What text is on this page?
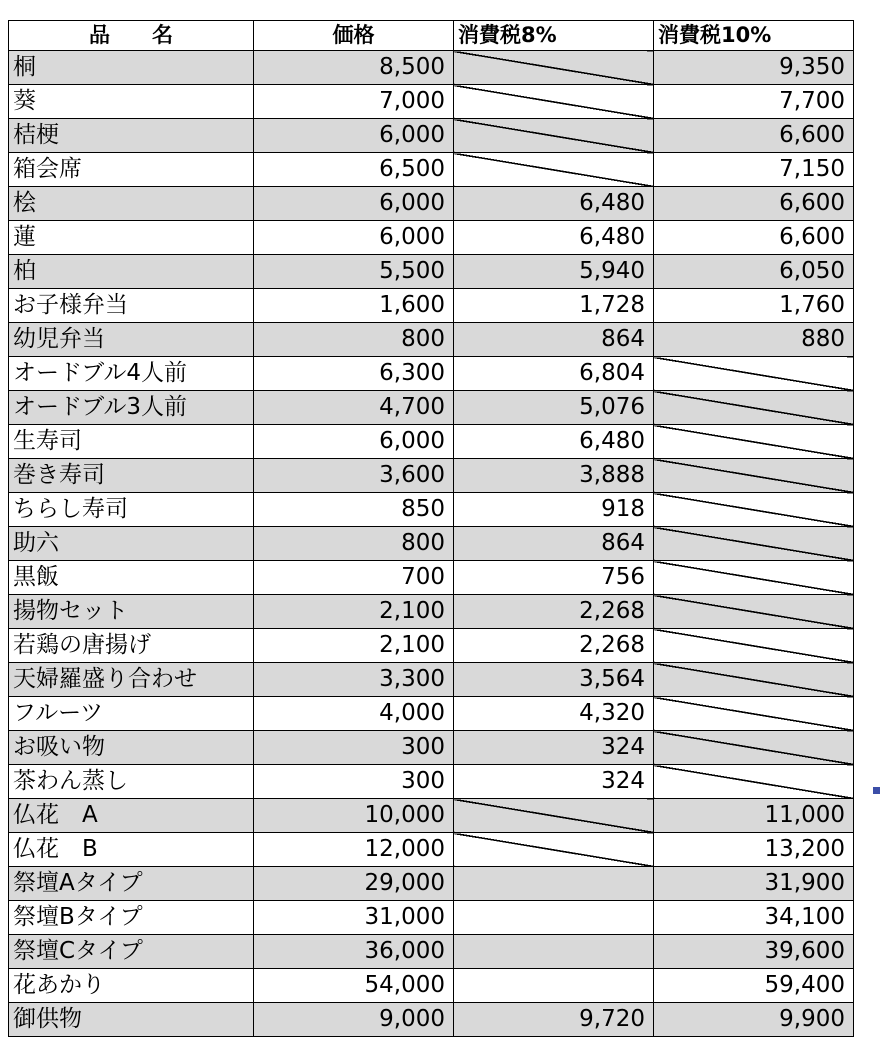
品　　名	価格	消費税8%	消費税10%
桐	8,500		9,350
葵	7,000		7,700
桔梗	6,000		6,600
箱会席	6,500		7,150
桧	6,000	6,480	6,600
蓮	6,000	6,480	6,600
柏	5,500	5,940	6,050
お子様弁当	1,600	1,728	1,760
幼児弁当	800	864	880
オードブル4人前	6,300	6,804	
オードブル3人前	4,700	5,076	
生寿司	6,000	6,480	
巻き寿司	3,600	3,888	
ちらし寿司	850	918	
助六	800	864	
黒飯	700	756	
揚物セット	2,100	2,268	
若鶏の唐揚げ	2,100	2,268	
天婦羅盛り合わせ	3,300	3,564	
フルーツ	4,000	4,320	
お吸い物	300	324	
茶わん蒸し	300	324	
仏花　A	10,000		11,000
仏花　B	12,000		13,200
祭壇Aタイプ	29,000		31,900
祭壇Bタイプ	31,000		34,100
祭壇Cタイプ	36,000		39,600
花あかり	54,000		59,400
御供物	9,000	9,720	9,900
